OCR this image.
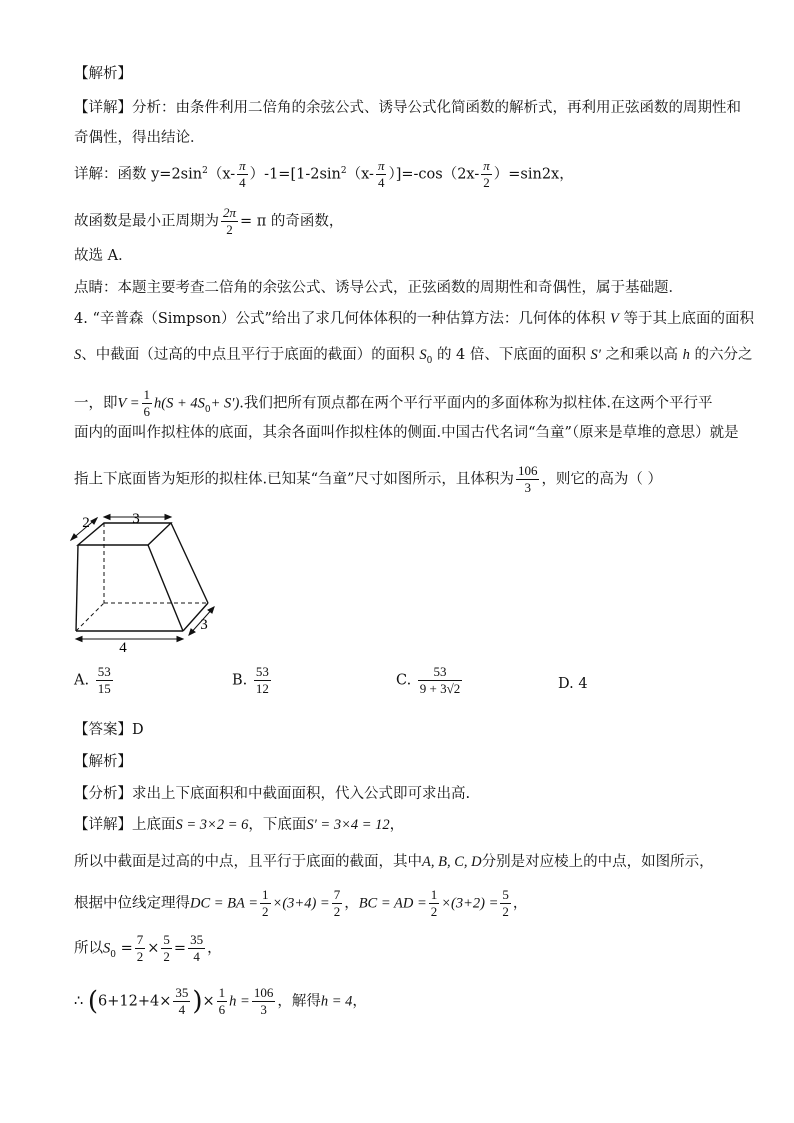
【解析】
【详解】分析：由条件利用二倍角的余弦公式、诱导公式化简函数的解析式，再利用正弦函数的周期性和
奇偶性，得出结论．
详解：函数 $y=2\sin^2(x- \frac{\pi}{4} )-1=[1-2\sin^2(x- \frac{\pi}{4} )]=-\cos(2x- \frac{\pi}{2} )=\sin 2x$，
故函数是最小正周期为 $\frac{2\pi}{2} = \pi$ 的奇函数，
故选 A．
点睛：本题主要考查二倍角的余弦公式、诱导公式，正弦函数的周期性和奇偶性，属于基础题．
4. “辛普森（Simpson）公式”给出了求几何体体积的一种估算方法：几何体的体积 V 等于其上底面的面积
S、中截面（过高的中点且平行于底面的截面）的面积 $S_0$ 的 4 倍、下底面的面积 S′ 之和乘以高 h 的六分之
一，即$V = \frac{1}{6} h(S + 4S_0+ S')$.我们把所有顶点都在两个平行平面内的多面体称为拟柱体.在这两个平行平
面内的面叫作拟柱体的底面，其余各面叫作拟柱体的侧面.中国古代名词“刍童”（原来是草堆的意思）就是
指上下底面皆为矩形的拟柱体.已知某“刍童”尺寸如图所示，且体积为 $\frac{106}{3}$ ，则它的高为（ ）
3
2
4
3
A. $\frac{53}{15}$	B. $\frac{53}{12}$	C. $\frac{53}{9 + 3√2}$	D. 4
【答案】D
【解析】
【分析】求出上下底面积和中截面面积，代入公式即可求出高.
【详解】上底面S = 3×2 = 6，下底面S′ = 3×4 = 12，
所以中截面是过高的中点，且平行于底面的截面，其中A, B, C, D分别是对应棱上的中点，如图所示，
根据中位线定理得DC = BA = $\frac{1}{2} \times(3+4) = \frac{7}{2}$ ，BC = AD = $\frac{1}{2} \times(3+2) = \frac{5}{2}$ ，
所以$S_0 = \frac{7}{2} \times \frac{5}{2} = \frac{35}{4}$ ，
∴ ($6+12+4\times \frac{35}{4}$ )× $\frac{1}{6}$ $h = \frac{106}{3}$ ，解得h = 4，
